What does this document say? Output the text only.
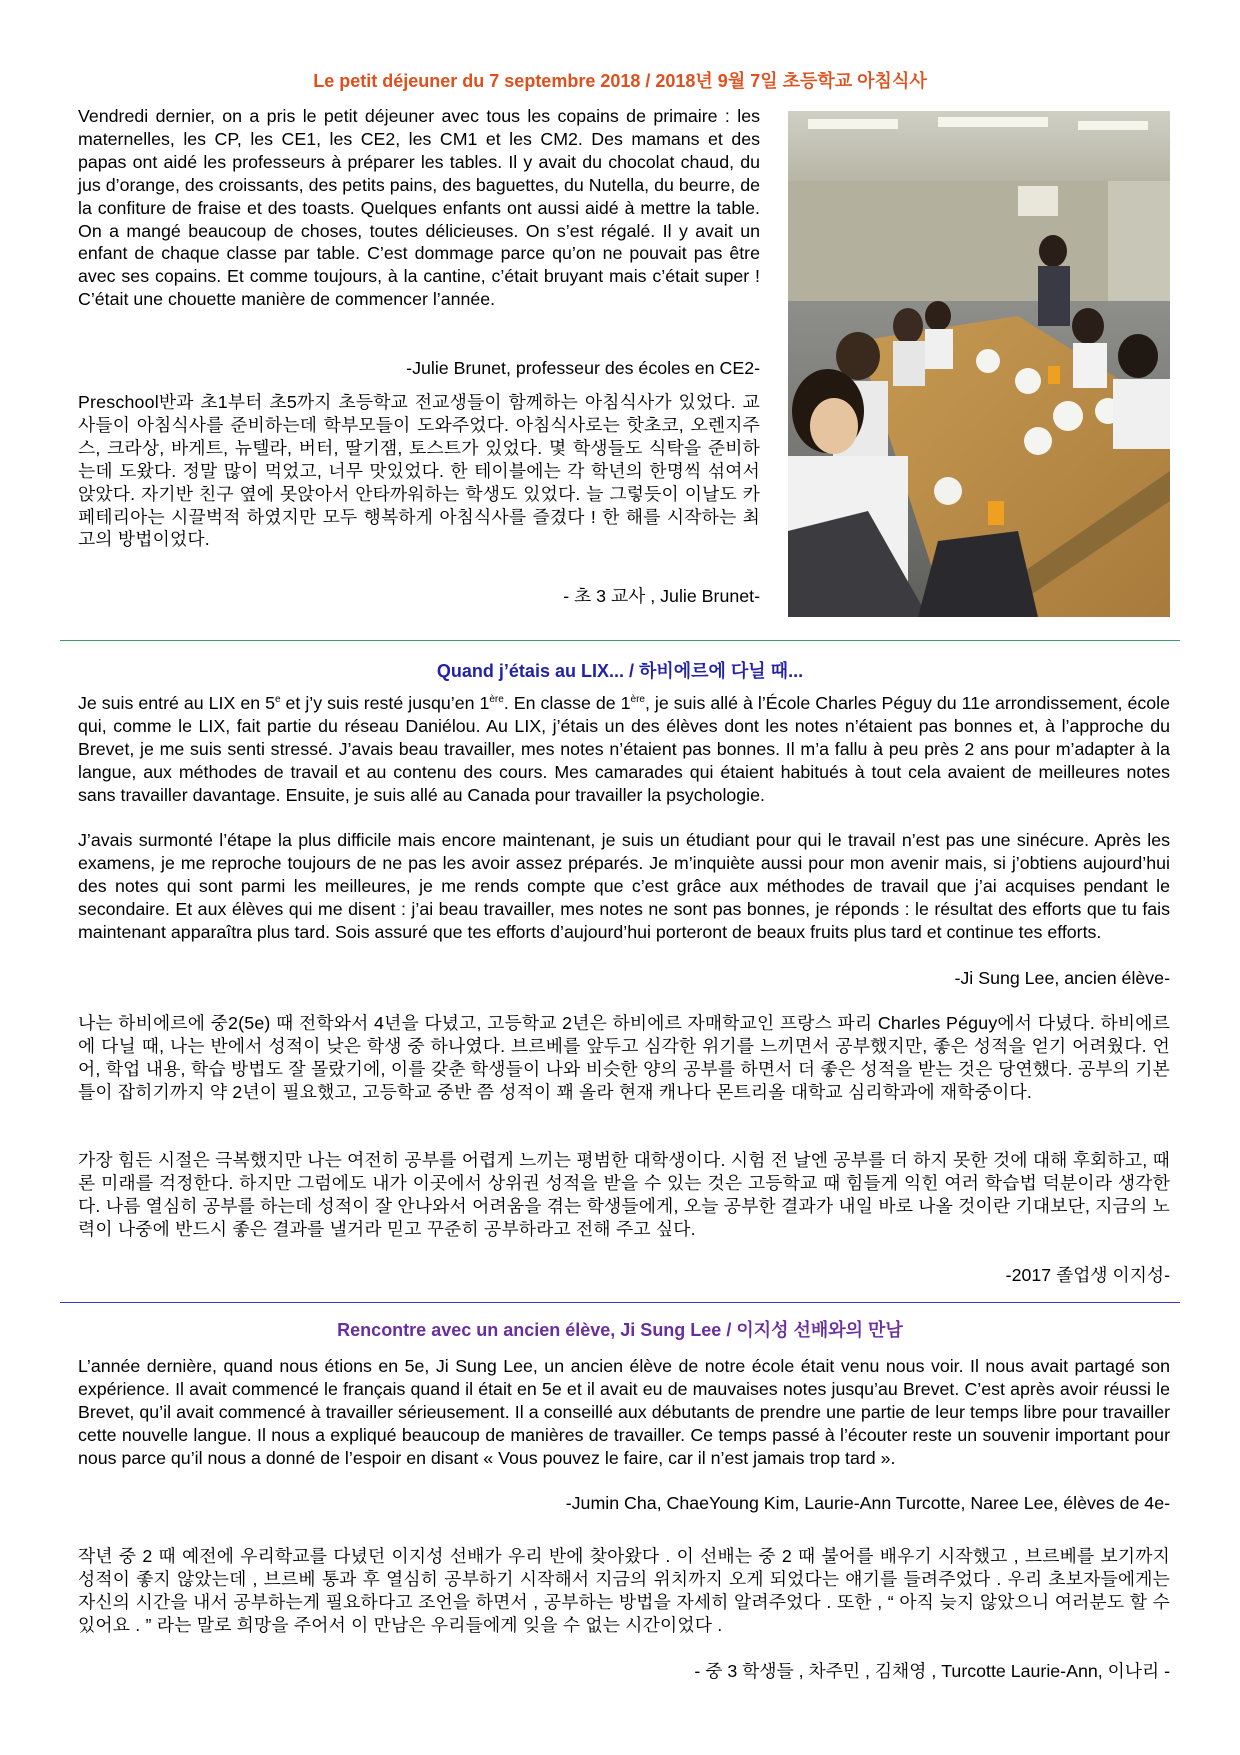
Le petit déjeuner du 7 septembre 2018 / 2018년 9월 7일 초등학교 아침식사

Vendredi dernier, on a pris le petit déjeuner avec tous les copains de primaire : les maternelles, les CP, les CE1, les CE2, les CM1 et les CM2. Des mamans et des papas ont aidé les professeurs à préparer les tables. Il y avait du chocolat chaud, du jus d’orange, des croissants, des petits pains, des baguettes, du Nutella, du beurre, de la confiture de fraise et des toasts. Quelques enfants ont aussi aidé à mettre la table. On a mangé beaucoup de choses, toutes délicieuses. On s’est régalé. Il y avait un enfant de chaque classe par table. C’est dommage parce qu’on ne pouvait pas être avec ses copains. Et comme toujours, à la cantine, c’était bruyant mais c’était super ! C’était une chouette manière de commencer l’année.

-Julie Brunet, professeur des écoles en CE2-

Preschool반과 초1부터 초5까지 초등학교 전교생들이 함께하는 아침식사가 있었다. 교사들이 아침식사를 준비하는데 학부모들이 도와주었다. 아침식사로는 핫초코, 오렌지주스, 크라상, 바게트, 뉴텔라, 버터, 딸기잼, 토스트가 있었다. 몇 학생들도 식탁을 준비하는데 도왔다. 정말 많이 먹었고, 너무 맛있었다. 한 테이블에는 각 학년의 한명씩 섞여서 앉았다. 자기반 친구 옆에 못앉아서 안타까워하는 학생도 있었다. 늘 그렇듯이 이날도 카페테리아는 시끌벅적 하였지만 모두 행복하게 아침식사를 즐겼다 ! 한 해를 시작하는 최고의 방법이었다.

- 초 3 교사 , Julie Brunet-

Quand j’étais au LIX... / 하비에르에 다닐 때...

Je suis entré au LIX en 5e et j’y suis resté jusqu’en 1ère. En classe de 1ère, je suis allé à l’École Charles Péguy du 11e arrondissement, école qui, comme le LIX, fait partie du réseau Daniélou. Au LIX, j’étais un des élèves dont les notes n’étaient pas bonnes et, à l’approche du Brevet, je me suis senti stressé. J’avais beau travailler, mes notes n’étaient pas bonnes. Il m’a fallu à peu près 2 ans pour m’adapter à la langue, aux méthodes de travail et au contenu des cours. Mes camarades qui étaient habitués à tout cela avaient de meilleures notes sans travailler davantage. Ensuite, je suis allé au Canada pour travailler la psychologie.

J’avais surmonté l’étape la plus difficile mais encore maintenant, je suis un étudiant pour qui le travail n’est pas une sinécure. Après les examens, je me reproche toujours de ne pas les avoir assez préparés. Je m’inquiète aussi pour mon avenir mais, si j’obtiens aujourd’hui des notes qui sont parmi les meilleures, je me rends compte que c’est grâce aux méthodes de travail que j’ai acquises pendant le secondaire. Et aux élèves qui me disent : j’ai beau travailler, mes notes ne sont pas bonnes, je réponds : le résultat des efforts que tu fais maintenant apparaîtra plus tard. Sois assuré que tes efforts d’aujourd’hui porteront de beaux fruits plus tard et continue tes efforts.

-Ji Sung Lee, ancien élève-

나는 하비에르에 중2(5e) 때 전학와서 4년을 다녔고, 고등학교 2년은 하비에르 자매학교인 프랑스 파리 Charles Péguy에서 다녔다. 하비에르에 다닐 때, 나는 반에서 성적이 낮은 학생 중 하나였다. 브르베를 앞두고 심각한 위기를 느끼면서 공부했지만, 좋은 성적을 얻기 어려웠다. 언어, 학업 내용, 학습 방법도 잘 몰랐기에, 이를 갖춘 학생들이 나와 비슷한 양의 공부를 하면서 더 좋은 성적을 받는 것은 당연했다. 공부의 기본 틀이 잡히기까지 약 2년이 필요했고, 고등학교 중반 쯤 성적이 꽤 올라 현재 캐나다 몬트리올 대학교 심리학과에 재학중이다.

가장 힘든 시절은 극복했지만 나는 여전히 공부를 어렵게 느끼는 평범한 대학생이다. 시험 전 날엔 공부를 더 하지 못한 것에 대해 후회하고, 때론 미래를 걱정한다. 하지만 그럼에도 내가 이곳에서 상위권 성적을 받을 수 있는 것은 고등학교 때 힘들게 익힌 여러 학습법 덕분이라 생각한다. 나름 열심히 공부를 하는데 성적이 잘 안나와서 어려움을 겪는 학생들에게, 오늘 공부한 결과가 내일 바로 나올 것이란 기대보단, 지금의 노력이 나중에 반드시 좋은 결과를 낼거라 믿고 꾸준히 공부하라고 전해 주고 싶다.

-2017 졸업생 이지성-

Rencontre avec un ancien élève, Ji Sung Lee / 이지성 선배와의 만남

L’année dernière, quand nous étions en 5e, Ji Sung Lee, un ancien élève de notre école était venu nous voir. Il nous avait partagé son expérience. Il avait commencé le français quand il était en 5e et il avait eu de mauvaises notes jusqu’au Brevet. C’est après avoir réussi le Brevet, qu’il avait commencé à travailler sérieusement. Il a conseillé aux débutants de prendre une partie de leur temps libre pour travailler cette nouvelle langue. Il nous a expliqué beaucoup de manières de travailler. Ce temps passé à l’écouter reste un souvenir important pour nous parce qu’il nous a donné de l’espoir en disant « Vous pouvez le faire, car il n’est jamais trop tard ».

-Jumin Cha, ChaeYoung Kim, Laurie-Ann Turcotte, Naree Lee, élèves de 4e-

작년 중 2 때 예전에 우리학교를 다녔던 이지성 선배가 우리 반에 찾아왔다 . 이 선배는 중 2 때 불어를 배우기 시작했고 , 브르베를 보기까지 성적이 좋지 않았는데 , 브르베 통과 후 열심히 공부하기 시작해서 지금의 위치까지 오게 되었다는 얘기를 들려주었다 . 우리 초보자들에게는 자신의 시간을 내서 공부하는게 필요하다고 조언을 하면서 , 공부하는 방법을 자세히 알려주었다 . 또한 , “ 아직 늦지 않았으니 여러분도 할 수 있어요 . ” 라는 말로 희망을 주어서 이 만남은 우리들에게 잊을 수 없는 시간이었다 .

- 중 3 학생들 , 차주민 , 김채영 , Turcotte Laurie-Ann, 이나리 -
